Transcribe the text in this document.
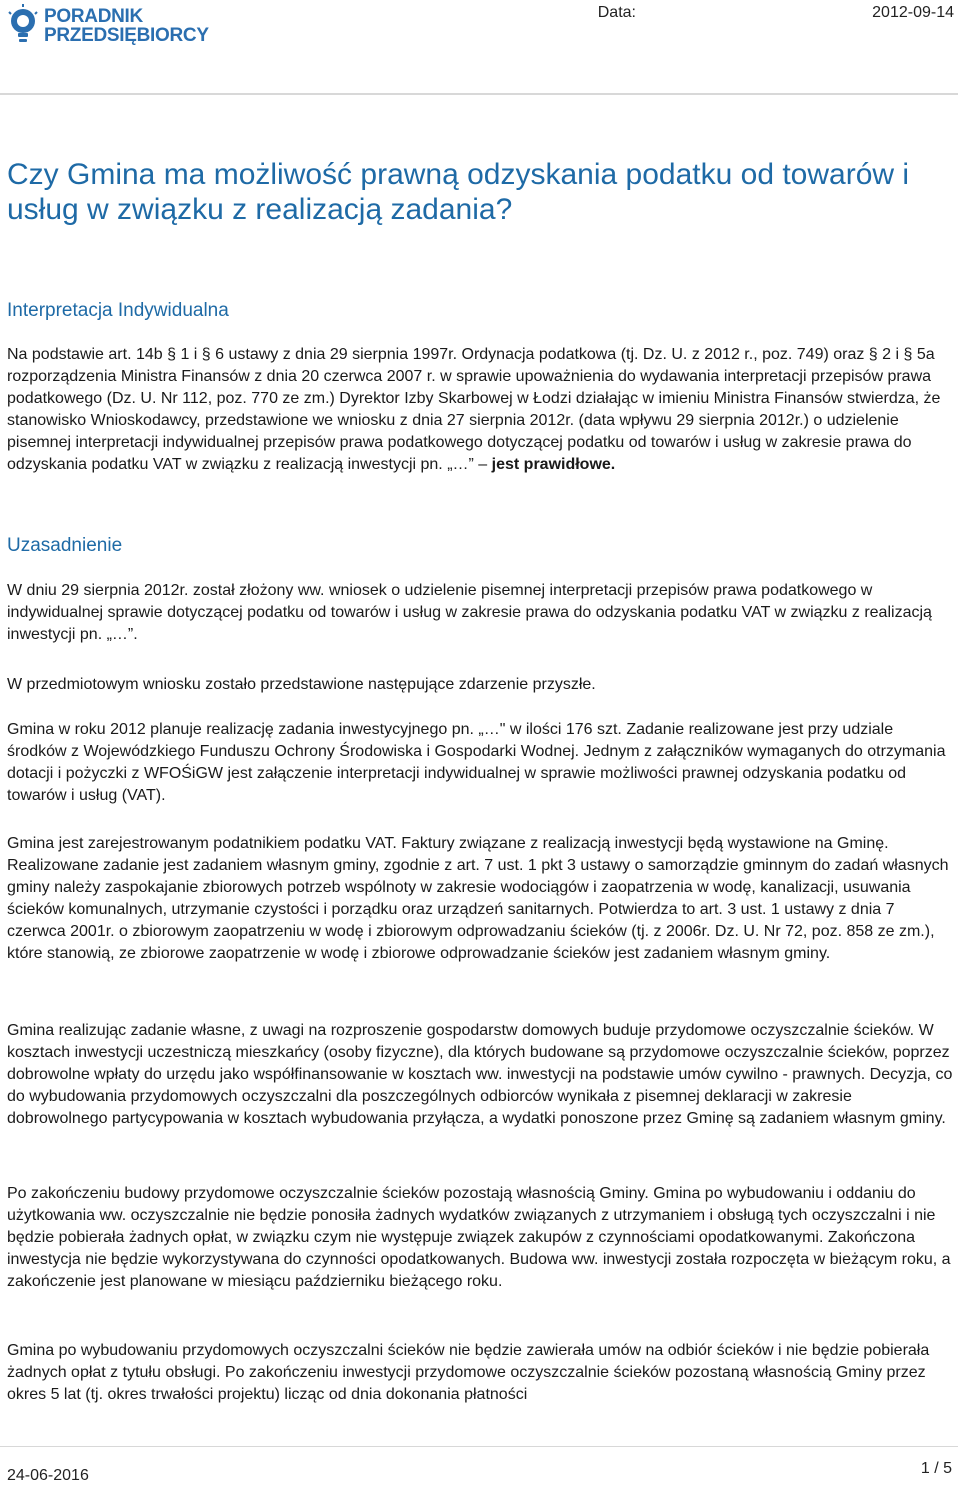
PORADNIK
PRZEDSIĘBIORCY
Data:	2012-09-14
Czy Gmina ma możliwość prawną odzyskania podatku od towarów i usług w związku z realizacją zadania?
Interpretacja Indywidualna

Na podstawie art. 14b § 1 i § 6 ustawy z dnia 29 sierpnia 1997r. Ordynacja podatkowa (tj. Dz. U. z 2012 r., poz. 749) oraz § 2 i § 5a rozporządzenia Ministra Finansów z dnia 20 czerwca 2007 r. w sprawie upoważnienia do wydawania interpretacji przepisów prawa podatkowego (Dz. U. Nr 112, poz. 770 ze zm.) Dyrektor Izby Skarbowej w Łodzi działając w imieniu Ministra Finansów stwierdza, że stanowisko Wnioskodawcy, przedstawione we wniosku z dnia 27 sierpnia 2012r. (data wpływu 29 sierpnia 2012r.) o udzielenie pisemnej interpretacji indywidualnej przepisów prawa podatkowego dotyczącej podatku od towarów i usług w zakresie prawa do odzyskania podatku VAT w związku z realizacją inwestycji pn. „…” – jest prawidłowe.

Uzasadnienie

W dniu 29 sierpnia 2012r. został złożony ww. wniosek o udzielenie pisemnej interpretacji przepisów prawa podatkowego w indywidualnej sprawie dotyczącej podatku od towarów i usług w zakresie prawa do odzyskania podatku VAT w związku z realizacją inwestycji pn. „…”.

W przedmiotowym wniosku zostało przedstawione następujące zdarzenie przyszłe.

Gmina w roku 2012 planuje realizację zadania inwestycyjnego pn. „…" w ilości 176 szt. Zadanie realizowane jest przy udziale środków z Wojewódzkiego Funduszu Ochrony Środowiska i Gospodarki Wodnej. Jednym z załączników wymaganych do otrzymania dotacji i pożyczki z WFOŚiGW jest załączenie interpretacji indywidualnej w sprawie możliwości prawnej odzyskania podatku od towarów i usług (VAT).

Gmina jest zarejestrowanym podatnikiem podatku VAT. Faktury związane z realizacją inwestycji będą wystawione na Gminę. Realizowane zadanie jest zadaniem własnym gminy, zgodnie z art. 7 ust. 1 pkt 3 ustawy o samorządzie gminnym do zadań własnych gminy należy zaspokajanie zbiorowych potrzeb wspólnoty w zakresie wodociągów i zaopatrzenia w wodę, kanalizacji, usuwania ścieków komunalnych, utrzymanie czystości i porządku oraz urządzeń sanitarnych. Potwierdza to art. 3 ust. 1 ustawy z dnia 7 czerwca 2001r. o zbiorowym zaopatrzeniu w wodę i zbiorowym odprowadzaniu ścieków (tj. z 2006r. Dz. U. Nr 72, poz. 858 ze zm.), które stanowią, ze zbiorowe zaopatrzenie w wodę i zbiorowe odprowadzanie ścieków jest zadaniem własnym gminy.

Gmina realizując zadanie własne, z uwagi na rozproszenie gospodarstw domowych buduje przydomowe oczyszczalnie ścieków. W kosztach inwestycji uczestniczą mieszkańcy (osoby fizyczne), dla których budowane są przydomowe oczyszczalnie ścieków, poprzez dobrowolne wpłaty do urzędu jako współfinansowanie w kosztach ww. inwestycji na podstawie umów cywilno - prawnych. Decyzja, co do wybudowania przydomowych oczyszczalni dla poszczególnych odbiorców wynikała z pisemnej deklaracji w zakresie dobrowolnego partycypowania w kosztach wybudowania przyłącza, a wydatki ponoszone przez Gminę są zadaniem własnym gminy.

Po zakończeniu budowy przydomowe oczyszczalnie ścieków pozostają własnością Gminy. Gmina po wybudowaniu i oddaniu do użytkowania ww. oczyszczalnie nie będzie ponosiła żadnych wydatków związanych z utrzymaniem i obsługą tych oczyszczalni i nie będzie pobierała żadnych opłat, w związku czym nie występuje związek zakupów z czynnościami opodatkowanymi. Zakończona inwestycja nie będzie wykorzystywana do czynności opodatkowanych. Budowa ww. inwestycji została rozpoczęta w bieżącym roku, a zakończenie jest planowane w miesiącu październiku bieżącego roku.

Gmina po wybudowaniu przydomowych oczyszczalni ścieków nie będzie zawierała umów na odbiór ścieków i nie będzie pobierała żadnych opłat z tytułu obsługi. Po zakończeniu inwestycji przydomowe oczyszczalnie ścieków pozostaną własnością Gminy przez okres 5 lat (tj. okres trwałości projektu) licząc od dnia dokonania płatności

24-06-2016	1 / 5
